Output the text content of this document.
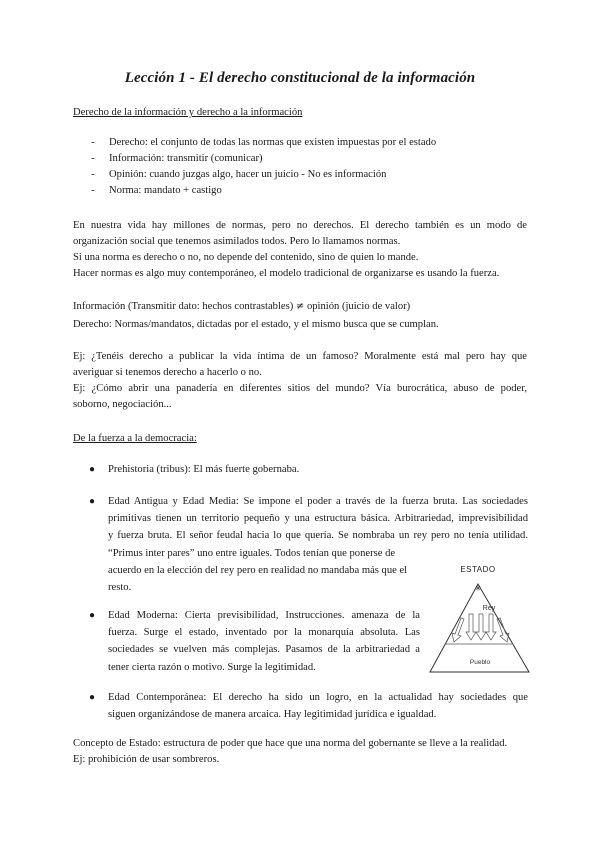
Lección 1 - El derecho constitucional de la información
Derecho de la información y derecho a la información
- Derecho: el conjunto de todas las normas que existen impuestas por el estado
- Información: transmitir (comunicar)
- Opinión: cuando juzgas algo, hacer un juicio - No es información
- Norma: mandato + castigo
En nuestra vida hay millones de normas, pero no derechos. El derecho también es un modo de
organización social que tenemos asimilados todos. Pero lo llamamos normas.
Si una norma es derecho o no, no depende del contenido, sino de quien lo mande.
Hacer normas es algo muy contemporáneo, el modelo tradicional de organizarse es usando la fuerza.
Información (Transmitir dato: hechos contrastables) ≠ opinión (juicio de valor)
Derecho: Normas/mandatos, dictadas por el estado, y el mismo busca que se cumplan.
Ej: ¿Tenéis derecho a publicar la vida íntima de un famoso? Moralmente está mal pero hay que
averiguar si tenemos derecho a hacerlo o no.
Ej: ¿Cómo abrir una panadería en diferentes sitios del mundo? Vía burocrática, abuso de poder,
soborno, negociación...
De la fuerza a la democracia:
● Prehistoria (tribus): El más fuerte gobernaba.
● Edad Antigua y Edad Media: Se impone el poder a través de la fuerza bruta. Las sociedades
primitivas tienen un territorio pequeño y una estructura básica. Arbitrariedad, imprevisibilidad
y fuerza bruta. El señor feudal hacia lo que quería. Se nombraba un rey pero no tenía utilidad.
“Primus inter pares” uno entre iguales. Todos tenían que ponerse de
acuerdo en la elección del rey pero en realidad no mandaba más que el
resto.
● Edad Moderna: Cierta previsibilidad, Instrucciones. amenaza de la
fuerza. Surge el estado, inventado por la monarquía absoluta. Las
sociedades se vuelven más complejas. Pasamos de la arbitrariedad a
tener cierta razón o motivo. Surge la legitimidad.
● Edad Contemporánea: El derecho ha sido un logro, en la actualidad hay sociedades que
siguen organizándose de manera arcaica. Hay legitimidad jurídica e igualdad.
ESTADO
✳
Rey
Pueblo
Concepto de Estado: estructura de poder que hace que una norma del gobernante se lleve a la realidad.
Ej: prohibición de usar sombreros.
